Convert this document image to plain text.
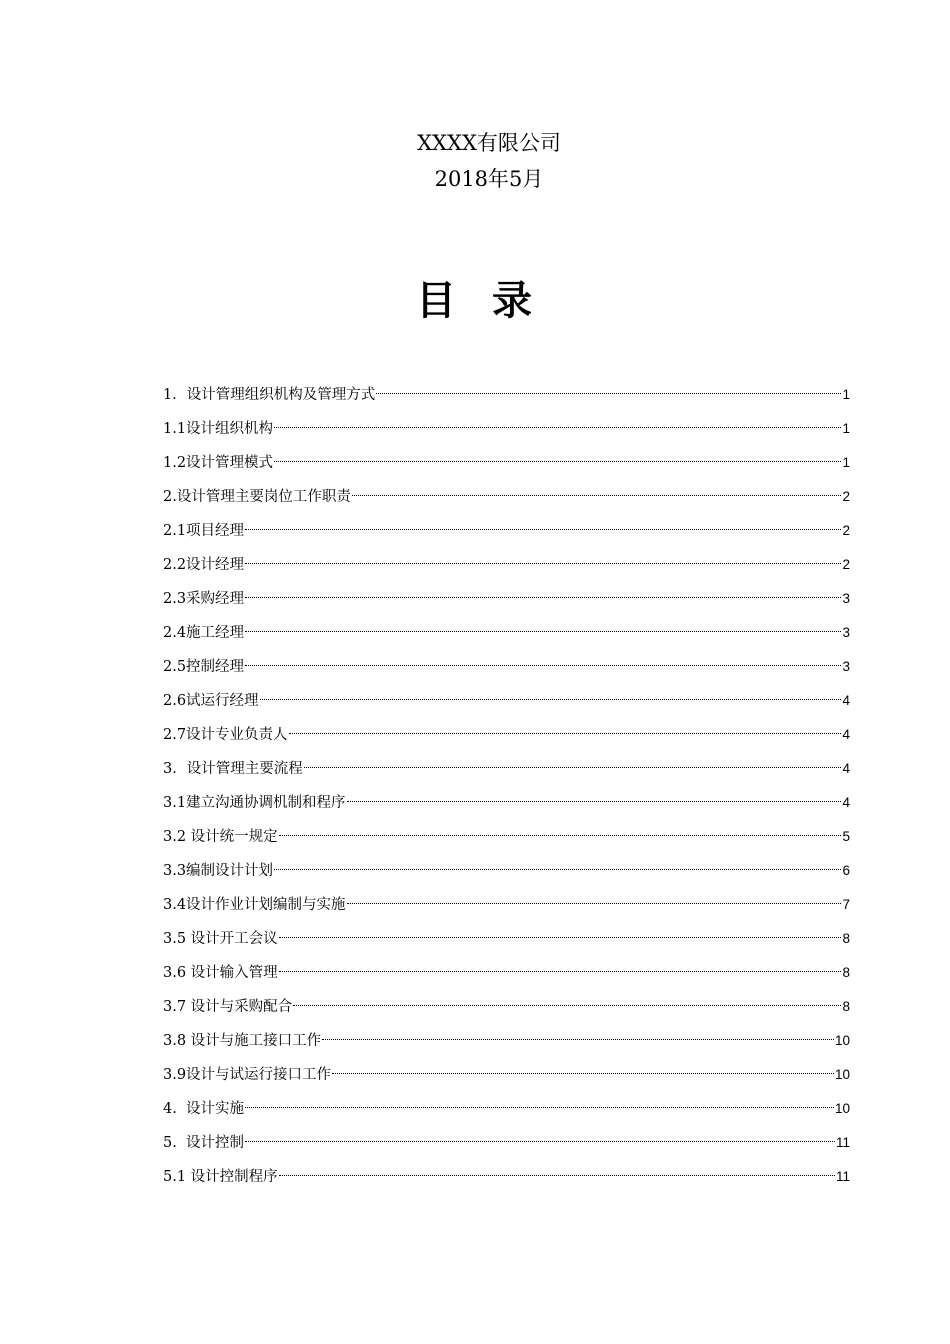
XXXX有限公司
2018年5月
目录
1．设计管理组织机构及管理方式	1
1.1设计组织机构	1
1.2设计管理模式	1
2.设计管理主要岗位工作职责	2
2.1项目经理	2
2.2设计经理	2
2.3采购经理	3
2.4施工经理	3
2.5控制经理	3
2.6试运行经理	4
2.7设计专业负责人	4
3．设计管理主要流程	4
3.1建立沟通协调机制和程序	4
3.2 设计统一规定	5
3.3编制设计计划	6
3.4设计作业计划编制与实施	7
3.5 设计开工会议	8
3.6 设计输入管理	8
3.7 设计与采购配合	8
3.8 设计与施工接口工作	10
3.9设计与试运行接口工作	10
4.  设计实施	10
5.  设计控制	11
5.1 设计控制程序	11
